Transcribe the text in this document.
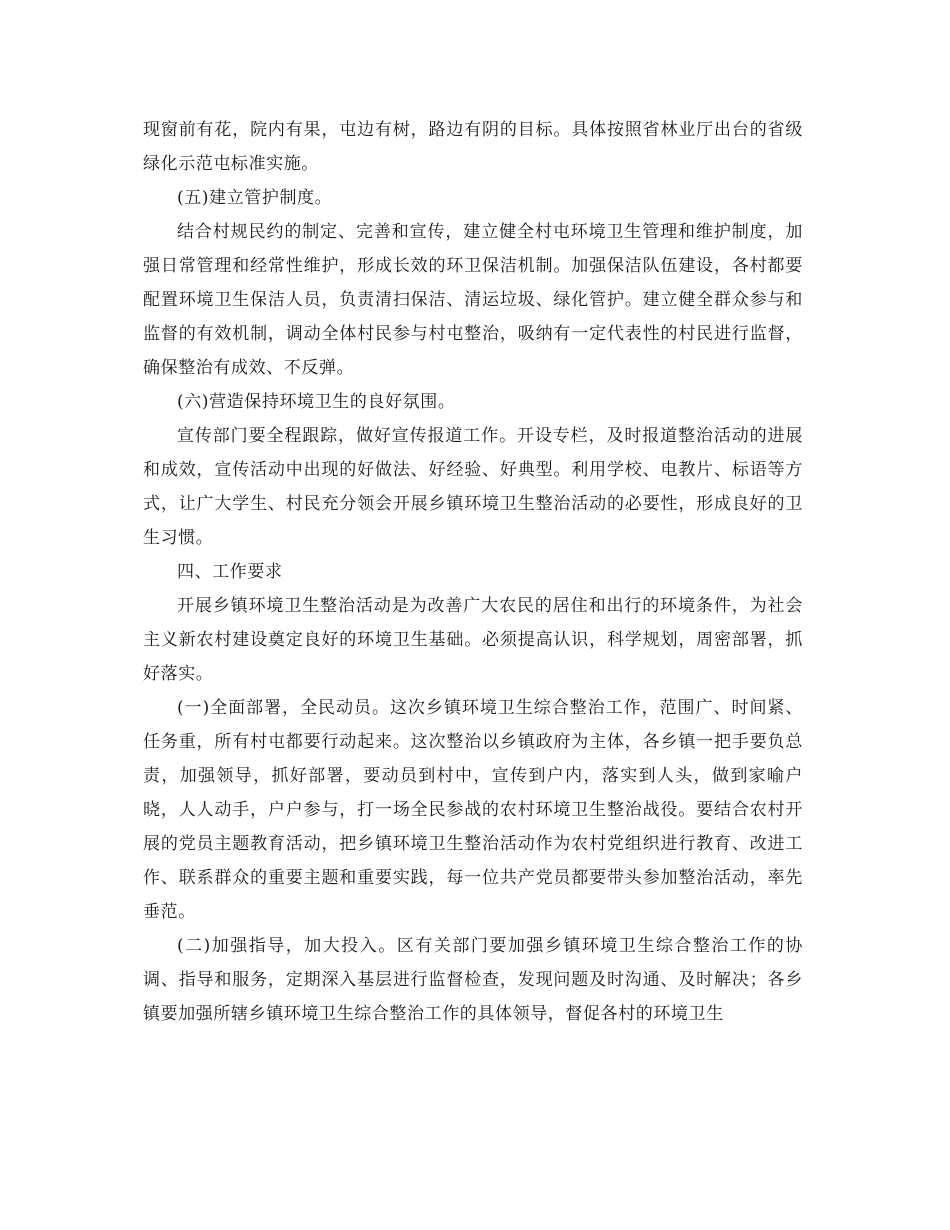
现窗前有花，院内有果，屯边有树，路边有阴的目标。具体按照省林业厅出台的省级绿化示范屯标准实施。

(五)建立管护制度。

结合村规民约的制定、完善和宣传，建立健全村屯环境卫生管理和维护制度，加强日常管理和经常性维护，形成长效的环卫保洁机制。加强保洁队伍建设，各村都要配置环境卫生保洁人员，负责清扫保洁、清运垃圾、绿化管护。建立健全群众参与和监督的有效机制，调动全体村民参与村屯整治，吸纳有一定代表性的村民进行监督，确保整治有成效、不反弹。

(六)营造保持环境卫生的良好氛围。

宣传部门要全程跟踪，做好宣传报道工作。开设专栏，及时报道整治活动的进展和成效，宣传活动中出现的好做法、好经验、好典型。利用学校、电教片、标语等方式，让广大学生、村民充分领会开展乡镇环境卫生整治活动的必要性，形成良好的卫生习惯。

四、工作要求

开展乡镇环境卫生整治活动是为改善广大农民的居住和出行的环境条件，为社会主义新农村建设奠定良好的环境卫生基础。必须提高认识，科学规划，周密部署，抓好落实。

(一)全面部署，全民动员。这次乡镇环境卫生综合整治工作，范围广、时间紧、任务重，所有村屯都要行动起来。这次整治以乡镇政府为主体，各乡镇一把手要负总责，加强领导，抓好部署，要动员到村中，宣传到户内，落实到人头，做到家喻户晓，人人动手，户户参与，打一场全民参战的农村环境卫生整治战役。要结合农村开展的党员主题教育活动，把乡镇环境卫生整治活动作为农村党组织进行教育、改进工作、联系群众的重要主题和重要实践，每一位共产党员都要带头参加整治活动，率先垂范。

(二)加强指导，加大投入。区有关部门要加强乡镇环境卫生综合整治工作的协调、指导和服务，定期深入基层进行监督检查，发现问题及时沟通、及时解决；各乡镇要加强所辖乡镇环境卫生综合整治工作的具体领导，督促各村的环境卫生
